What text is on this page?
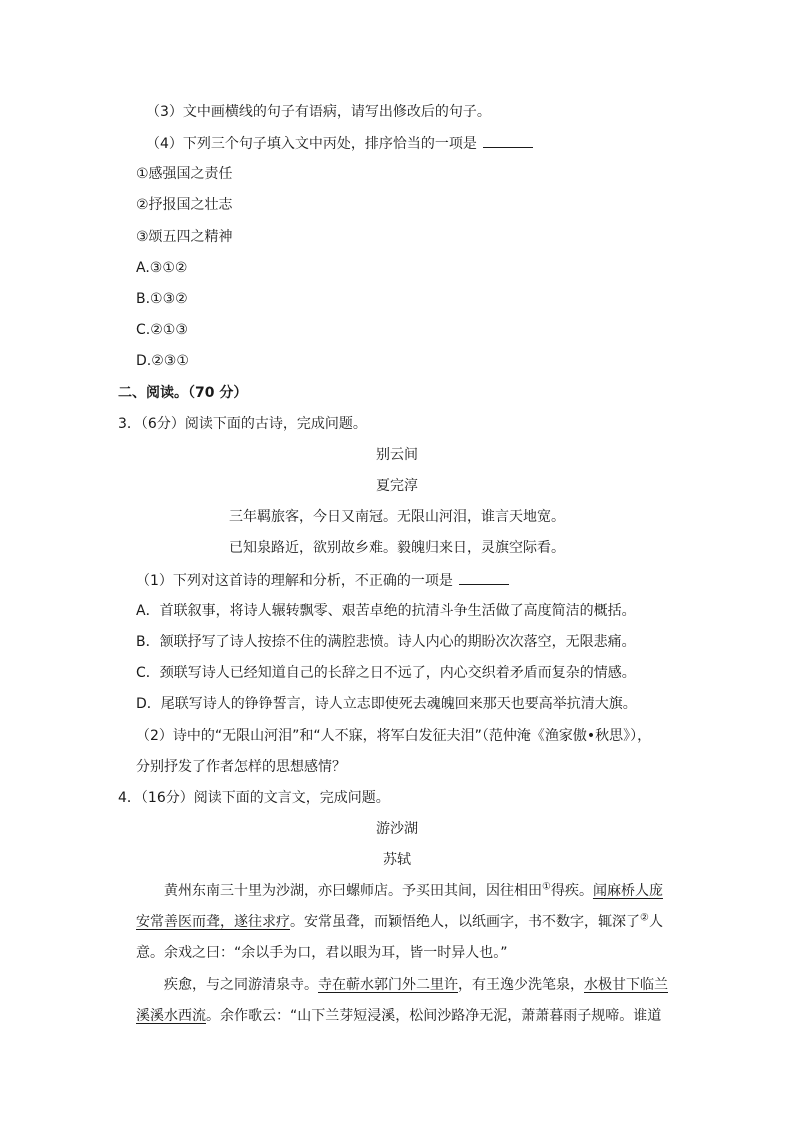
（3）文中画横线的句子有语病，请写出修改后的句子。
（4）下列三个句子填入文中丙处，排序恰当的一项是
①感强国之责任
②抒报国之壮志
③颂五四之精神
A.③①②
B.①③②
C.②①③
D.②③①
二、阅读。（70 分）
3．（6分）阅读下面的古诗，完成问题。
别云间
夏完淳
三年羁旅客，今日又南冠。无限山河泪，谁言天地宽。
已知泉路近，欲别故乡难。毅魄归来日，灵旗空际看。
（1）下列对这首诗的理解和分析，不正确的一项是
A．首联叙事，将诗人辗转飘零、艰苦卓绝的抗清斗争生活做了高度简洁的概括。
B．颔联抒写了诗人按捺不住的满腔悲愤。诗人内心的期盼次次落空，无限悲痛。
C．颈联写诗人已经知道自己的长辞之日不远了，内心交织着矛盾而复杂的情感。
D．尾联写诗人的铮铮誓言，诗人立志即使死去魂魄回来那天也要高举抗清大旗。
（2）诗中的“无限山河泪”和“人不寐，将军白发征夫泪”（范仲淹《渔家傲•秋思》），
分别抒发了作者怎样的思想感情？
4．（16分）阅读下面的文言文，完成问题。
游沙湖
苏轼
黄州东南三十里为沙湖，亦曰螺师店。予买田其间，因往相田①得疾。闻麻桥人庞
安常善医而聋，遂往求疗。安常虽聋，而颖悟绝人，以纸画字，书不数字，辄深了②人
意。余戏之曰：“余以手为口，君以眼为耳，皆一时异人也。”
疾愈，与之同游清泉寺。寺在蕲水郭门外二里许，有王逸少洗笔泉，水极甘下临兰
溪溪水西流。余作歌云：“山下兰芽短浸溪，松间沙路净无泥，萧萧暮雨子规啼。谁道
